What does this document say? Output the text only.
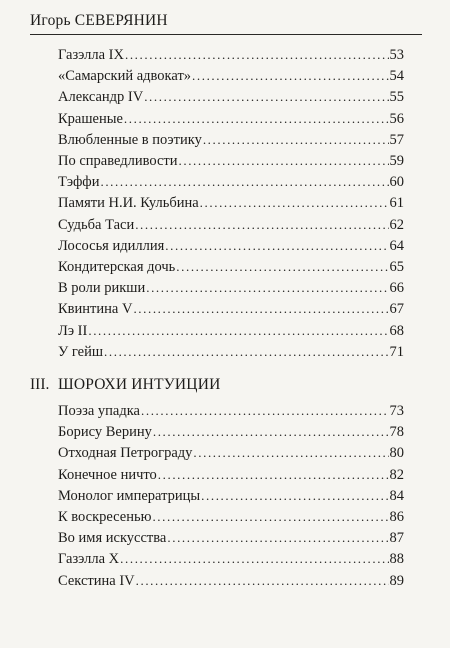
Игорь СЕВЕРЯНИН
Газэлла IX .....	53
«Самарский адвокат» .....	54
Александр IV .....	55
Крашеные .....	56
Влюбленные в поэтику .....	57
По справедливости .....	59
Тэффи .....	60
Памяти Н.И. Кульбина .....	61
Судьба Таси .....	62
Лососья идиллия .....	64
Кондитерская дочь .....	65
В роли рикши .....	66
Квинтина V .....	67
Лэ II .....	68
У гейш .....	71
III. ШОРОХИ ИНТУИЦИИ
Поэза упадка .....	73
Борису Верину .....	78
Отходная Петрограду .....	80
Конечное ничто .....	82
Монолог императрицы .....	84
К воскресенью .....	86
Во имя искусства .....	87
Газэлла X .....	88
Секстина IV .....	89
